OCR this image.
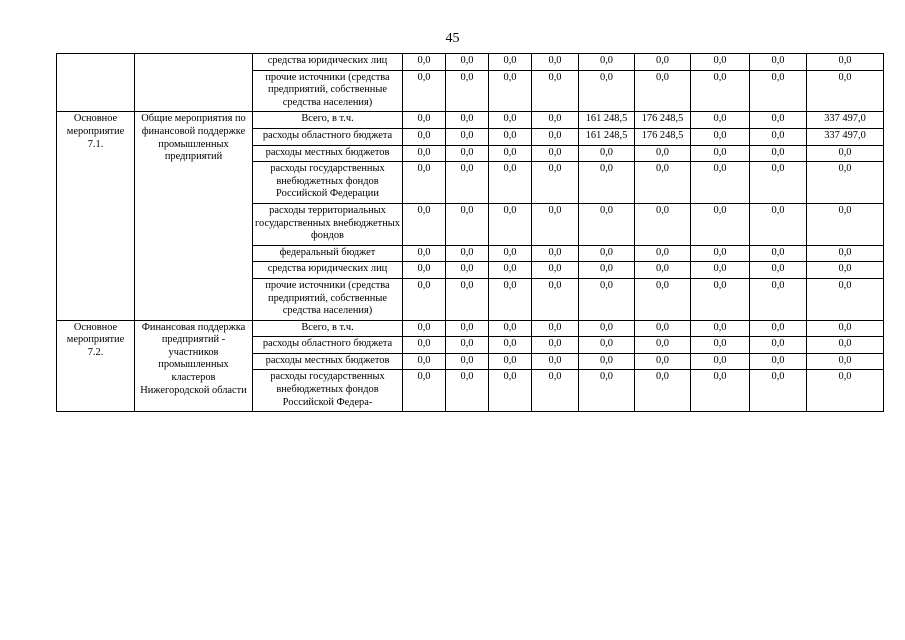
45
		средства юридических лиц	0,0	0,0	0,0	0,0	0,0	0,0	0,0	0,0	0,0
		прочие источники (средства предприятий, собственные средства населения)	0,0	0,0	0,0	0,0	0,0	0,0	0,0	0,0	0,0
Основное мероприятие 7.1.	Общие мероприятия по финансовой поддержке промышленных предприятий	Всего, в т.ч.	0,0	0,0	0,0	0,0	161 248,5	176 248,5	0,0	0,0	337 497,0
		расходы областного бюджета	0,0	0,0	0,0	0,0	161 248,5	176 248,5	0,0	0,0	337 497,0
		расходы местных бюджетов	0,0	0,0	0,0	0,0	0,0	0,0	0,0	0,0	0,0
		расходы государственных внебюджетных фондов Российской Федерации	0,0	0,0	0,0	0,0	0,0	0,0	0,0	0,0	0,0
		расходы территориальных государственных внебюджетных фондов	0,0	0,0	0,0	0,0	0,0	0,0	0,0	0,0	0,0
		федеральный бюджет	0,0	0,0	0,0	0,0	0,0	0,0	0,0	0,0	0,0
		средства юридических лиц	0,0	0,0	0,0	0,0	0,0	0,0	0,0	0,0	0,0
		прочие источники (средства предприятий, собственные средства населения)	0,0	0,0	0,0	0,0	0,0	0,0	0,0	0,0	0,0
Основное мероприятие 7.2.	Финансовая поддержка предприятий - участников промышленных кластеров Нижегородской области	Всего, в т.ч.	0,0	0,0	0,0	0,0	0,0	0,0	0,0	0,0	0,0
		расходы областного бюджета	0,0	0,0	0,0	0,0	0,0	0,0	0,0	0,0	0,0
		расходы местных бюджетов	0,0	0,0	0,0	0,0	0,0	0,0	0,0	0,0	0,0
		расходы государственных внебюджетных фондов Российской Федера-	0,0	0,0	0,0	0,0	0,0	0,0	0,0	0,0	0,0
